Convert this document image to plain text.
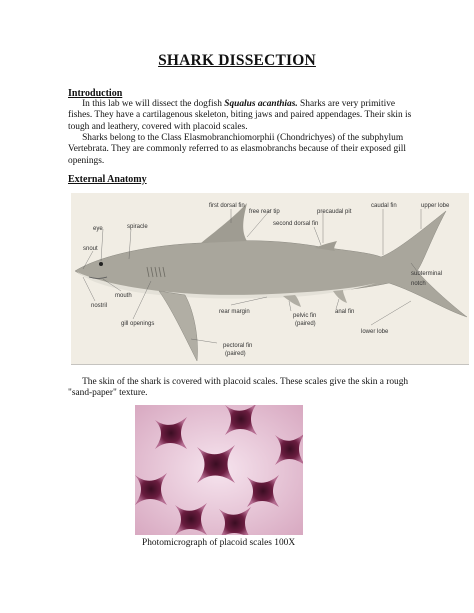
SHARK DISSECTION
Introduction
In this lab we will dissect the dogfish Squalus acanthias. Sharks are very primitive fishes. They have a cartilagenous skeleton, biting jaws and paired appendages. Their skin is tough and leathery, covered with placoid scales.
Sharks belong to the Class Elasmobranchiomorphii (Chondrichyes) of the subphylum Vertebrata. They are commonly referred to as elasmobranchs because of their exposed gill openings.
External Anatomy
first dorsal fin
free rear tip	precaudal pit
caudal fin	upper lobe
eye	spiracle	second dorsal fin
snout
subterminal
notch
mouth
nostril
gill openings
rear margin
pelvic fin
(paired)
anal fin
lower lobe
pectoral fin
(paired)
The skin of the shark is covered with placoid scales. These scales give the skin a rough "sand-paper" texture.
Photomicrograph of placoid scales 100X
